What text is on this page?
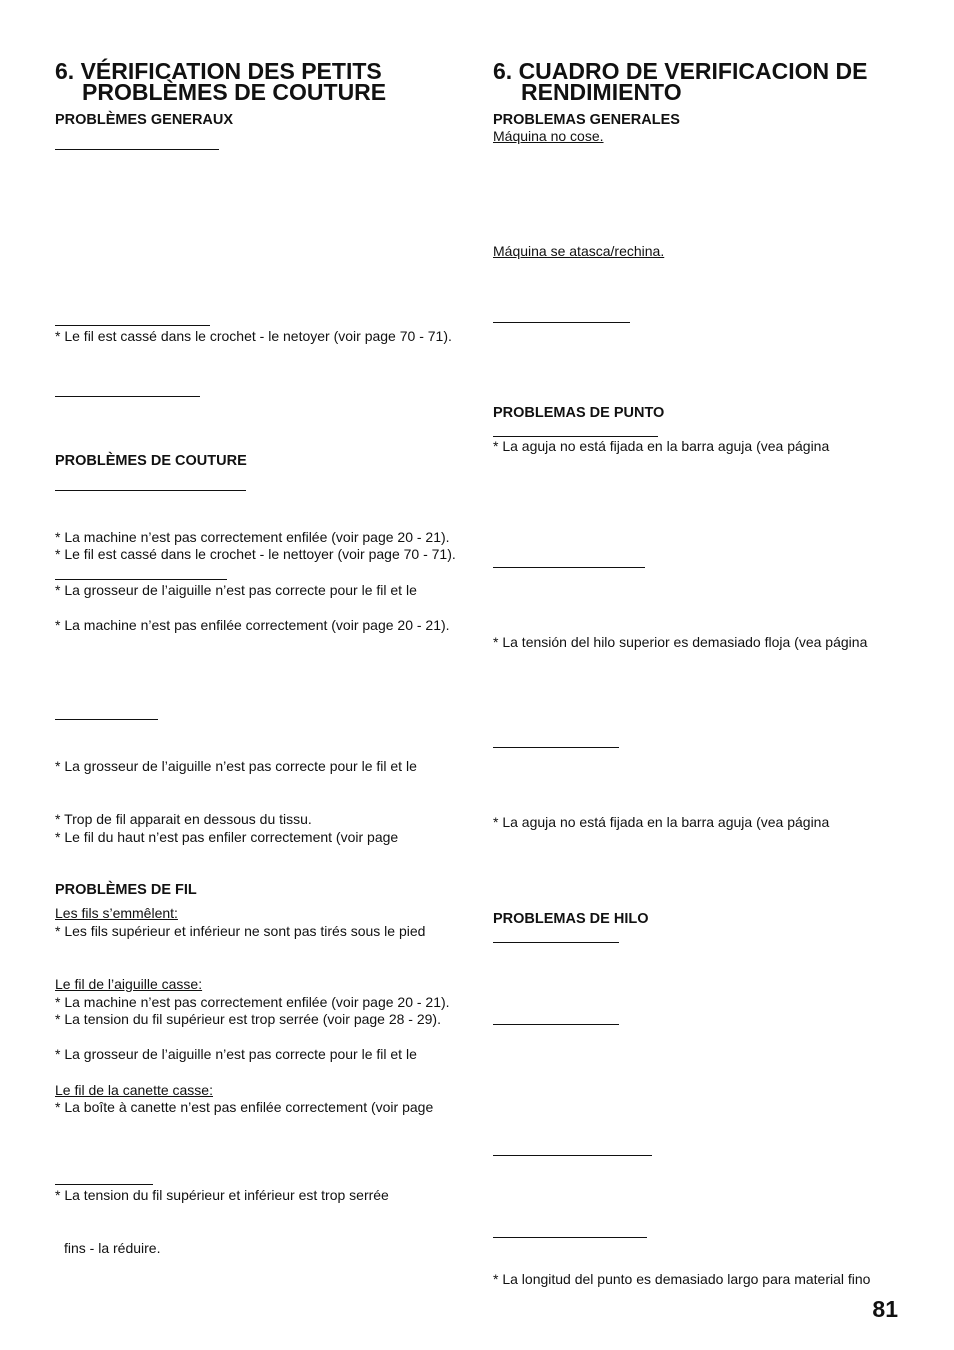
6. VÉRIFICATION DES PETITS
PROBLÈMES DE COUTURE
PROBLÈMES GENERAUX
* Le fil est cassé dans le crochet - le netoyer (voir page 70 - 71).
PROBLÈMES DE COUTURE
* La machine n’est pas correctement enfilée (voir page 20 - 21).
* Le fil est cassé dans le crochet - le nettoyer (voir page 70 - 71).
* La grosseur de l’aiguille n’est pas correcte pour le fil et le
* La machine n’est pas enfilée correctement (voir page 20 - 21).
* La grosseur de l’aiguille n’est pas correcte pour le fil et le
* Trop de fil apparait en dessous du tissu.
* Le fil du haut n’est pas enfiler correctement (voir page
PROBLÈMES DE FIL
Les fils s’emmêlent:
* Les fils supérieur et inférieur ne sont pas tirés sous le pied
Le fil de l’aiguille casse:
* La machine n’est pas correctement enfilée (voir page 20 - 21).
* La tension du fil supérieur est trop serrée (voir page 28 - 29).
* La grosseur de l’aiguille n’est pas correcte pour le fil et le
Le fil de la canette casse:
* La boîte à canette n’est pas enfilée correctement (voir page
* La tension du fil supérieur et inférieur est trop serrée
fins - la réduire.
6. CUADRO DE VERIFICACION DE
RENDIMIENTO
PROBLEMAS GENERALES
Máquina no cose.
Máquina se atasca/rechina.
PROBLEMAS DE PUNTO
* La aguja no está fijada en la barra aguja (vea página
* La tensión del hilo superior es demasiado floja (vea página
* La aguja no está fijada en la barra aguja (vea página
PROBLEMAS DE HILO
* La longitud del punto es demasiado largo para material fino
81
